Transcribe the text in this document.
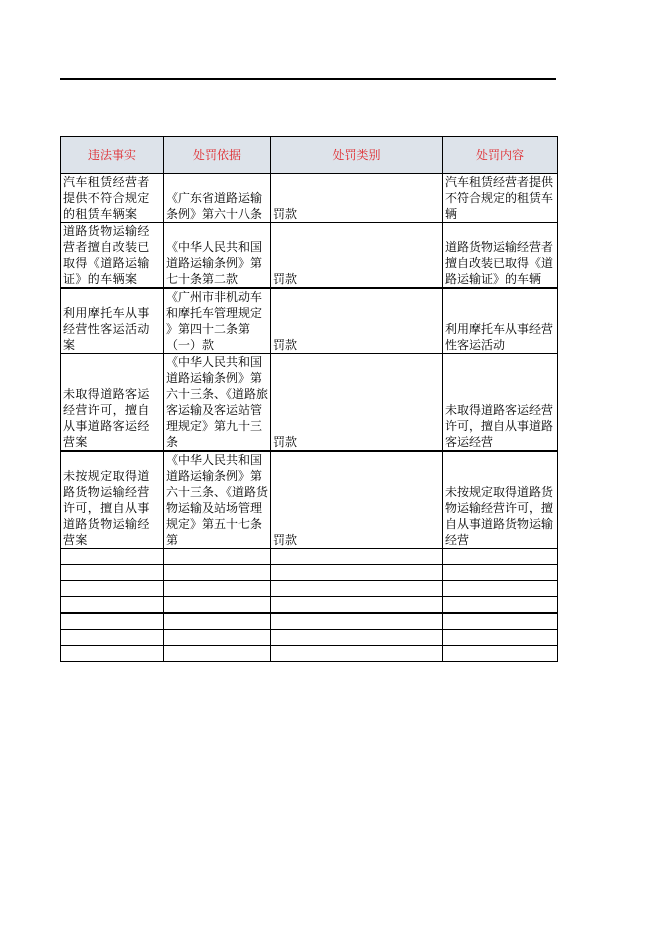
违法事实	处罚依据	处罚类别	处罚内容
汽车租赁经营者提供不符合规定的租赁车辆案	《广东省道路运输条例》第六十八条	罚款	汽车租赁经营者提供不符合规定的租赁车辆
道路货物运输经营者擅自改装已取得《道路运输证》的车辆案	《中华人民共和国道路运输条例》第七十条第二款	罚款	道路货物运输经营者擅自改装已取得《道路运输证》的车辆
利用摩托车从事经营性客运活动案	《广州市非机动车和摩托车管理规定 》第四十二条第（一）款	罚款	利用摩托车从事经营性客运活动
未取得道路客运经营许可，擅自从事道路客运经营案	《中华人民共和国道路运输条例》第六十三条、《道路旅客运输及客运站管理规定》第九十三条	罚款	未取得道路客运经营许可，擅自从事道路客运经营
未按规定取得道路货物运输经营许可，擅自从事道路货物运输经营案	《中华人民共和国道路运输条例》第六十三条、《道路货物运输及站场管理规定》第五十七条第	罚款	未按规定取得道路货物运输经营许可，擅自从事道路货物运输经营
